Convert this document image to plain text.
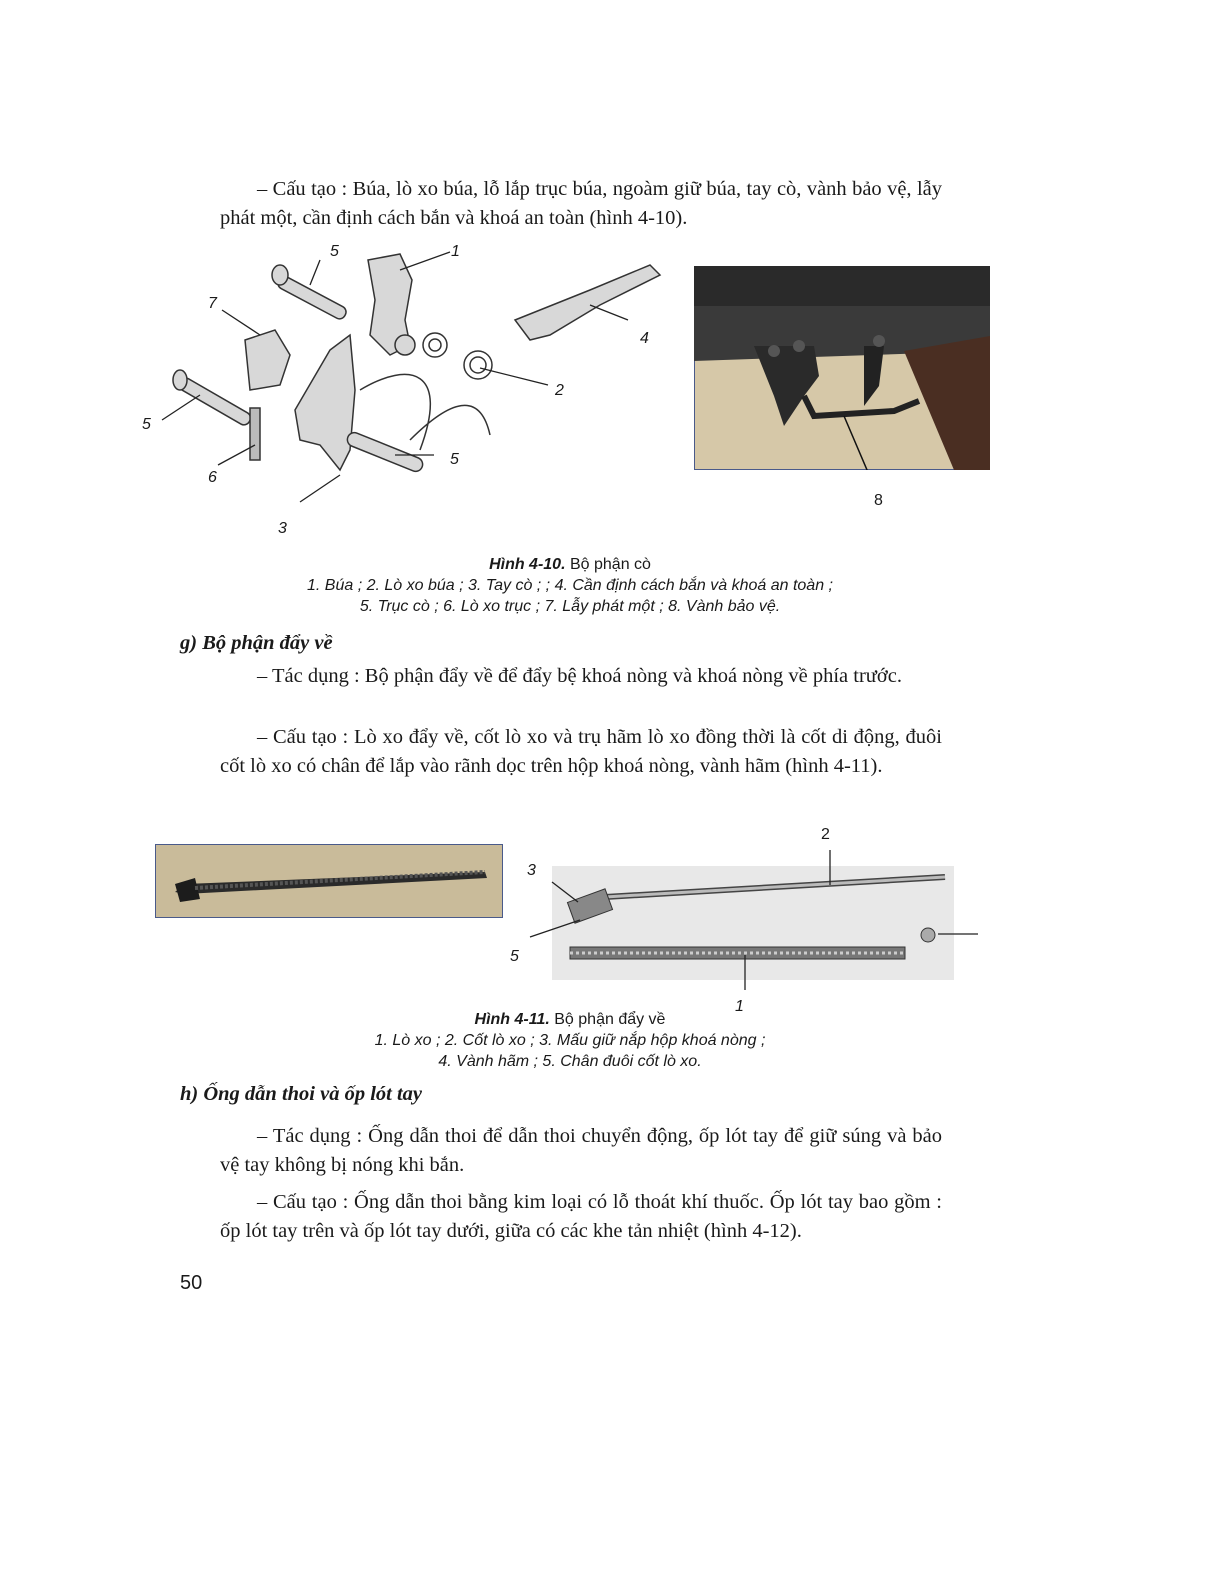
– Cấu tạo : Búa, lò xo búa, lỗ lắp trục búa, ngoàm giữ búa, tay cò, vành bảo vệ, lẫy phát một, cần định cách bắn và khoá an toàn (hình 4-10).

5	1
7
4
2
5
6
5
3
8
Hình 4-10. Bộ phận cò
1. Búa ; 2. Lò xo búa ; 3. Tay cò ; ; 4. Cần định cách bắn và khoá an toàn ;
5. Trục cò ; 6. Lò xo trục ; 7. Lẫy phát một ; 8. Vành bảo vệ.

g) Bộ phận đẩy về

– Tác dụng : Bộ phận đẩy về để đẩy bệ khoá nòng và khoá nòng về phía trước.

– Cấu tạo : Lò xo đẩy về, cốt lò xo và trụ hãm lò xo đồng thời là cốt di động, đuôi cốt lò xo có chân để lắp vào rãnh dọc trên hộp khoá nòng, vành hãm (hình 4-11).

2
3
5
1
Hình 4-11. Bộ phận đẩy về
1. Lò xo ; 2. Cốt lò xo ; 3. Mấu giữ nắp hộp khoá nòng ;
4. Vành hãm ; 5. Chân đuôi cốt lò xo.

h) Ống dẫn thoi và ốp lót tay

– Tác dụng : Ống dẫn thoi để dẫn thoi chuyển động, ốp lót tay để giữ súng và bảo vệ tay không bị nóng khi bắn.

– Cấu tạo : Ống dẫn thoi bằng kim loại có lỗ thoát khí thuốc. Ốp lót tay bao gồm : ốp lót tay trên và ốp lót tay dưới, giữa có các khe tản nhiệt (hình 4-12).

50
